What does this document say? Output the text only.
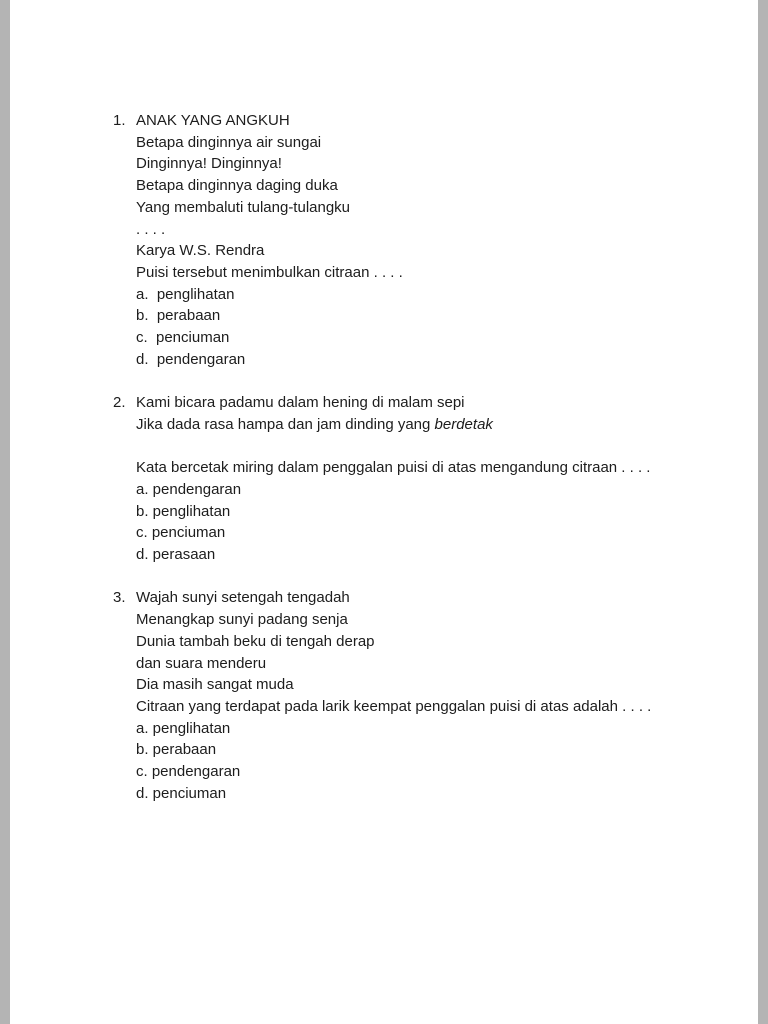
1. ANAK YANG ANGKUH
Betapa dinginnya air sungai
Dinginnya! Dinginnya!
Betapa dinginnya daging duka
Yang membaluti tulang-tulangku
. . . .
Karya W.S. Rendra
Puisi tersebut menimbulkan citraan . . . .
a.  penglihatan
b.  perabaan
c.  penciuman
d.  pendengaran
2. Kami bicara padamu dalam hening di malam sepi
Jika dada rasa hampa dan jam dinding yang berdetak
Kata bercetak miring dalam penggalan puisi di atas mengandung citraan . . . .
a. pendengaran
b. penglihatan
c. penciuman
d. perasaan
3. Wajah sunyi setengah tengadah
Menangkap sunyi padang senja
Dunia tambah beku di tengah derap
dan suara menderu
Dia masih sangat muda
Citraan yang terdapat pada larik keempat penggalan puisi di atas adalah . . . .
a. penglihatan
b. perabaan
c. pendengaran
d. penciuman
